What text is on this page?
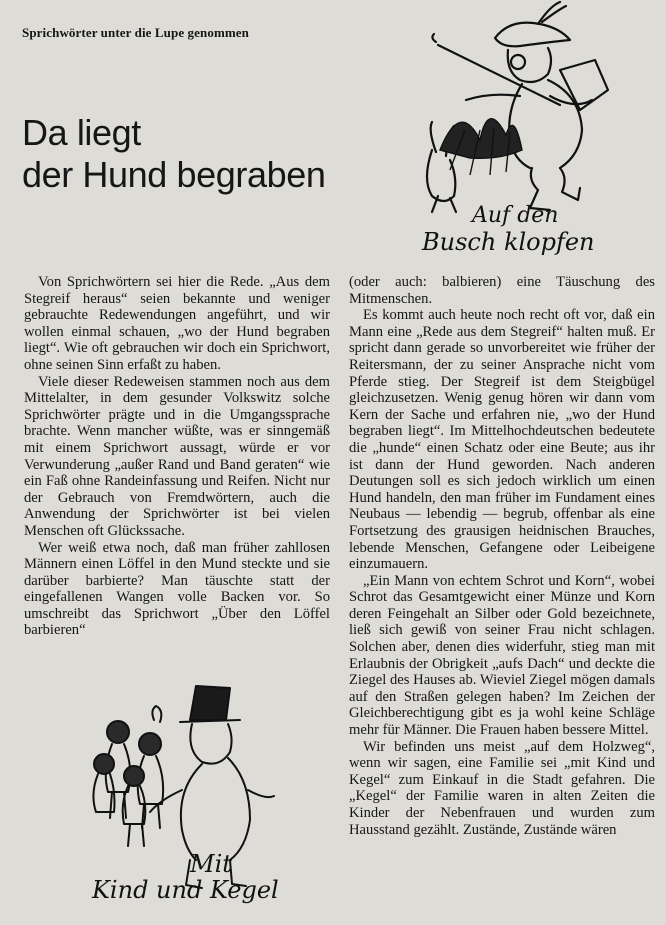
Sprichwörter unter die Lupe genommen
Da liegt
der Hund begraben
Auf den
Busch klopfen

Von Sprichwörtern sei hier die Rede. „Aus dem Stegreif heraus“ seien bekannte und weniger gebrauchte Redewendungen angeführt, und wir wollen einmal schauen, „wo der Hund begraben liegt“. Wie oft gebrauchen wir doch ein Sprichwort, ohne seinen Sinn erfaßt zu haben.

Viele dieser Redeweisen stammen noch aus dem Mittelalter, in dem gesunder Volkswitz solche Sprichwörter prägte und in die Umgangssprache brachte. Wenn mancher wüßte, was er sinngemäß mit einem Sprichwort aussagt, würde er vor Verwunderung „außer Rand und Band geraten“ wie ein Faß ohne Randeinfassung und Reifen. Nicht nur der Gebrauch von Fremdwörtern, auch die Anwendung der Sprichwörter ist bei vielen Menschen oft Glückssache.

Wer weiß etwa noch, daß man früher zahllosen Männern einen Löffel in den Mund steckte und sie darüber barbierte? Man täuschte statt der eingefallenen Wangen volle Backen vor. So umschreibt das Sprichwort „Über den Löffel barbieren“

(oder auch: balbieren) eine Täuschung des Mitmenschen.

Es kommt auch heute noch recht oft vor, daß ein Mann eine „Rede aus dem Stegreif“ halten muß. Er spricht dann gerade so unvorbereitet wie früher der Reitersmann, der zu seiner Ansprache nicht vom Pferde stieg. Der Stegreif ist dem Steigbügel gleichzusetzen. Wenig genug hören wir dann vom Kern der Sache und erfahren nie, „wo der Hund begraben liegt“. Im Mittelhochdeutschen bedeutete die „hunde“ einen Schatz oder eine Beute; aus ihr ist dann der Hund geworden. Nach anderen Deutungen soll es sich jedoch wirklich um einen Hund handeln, den man früher im Fundament eines Neubaus — lebendig — begrub, offenbar als eine Fortsetzung des grausigen heidnischen Brauches, lebende Menschen, Gefangene oder Leibeigene einzumauern.

„Ein Mann von echtem Schrot und Korn“, wobei Schrot das Gesamtgewicht einer Münze und Korn deren Feingehalt an Silber oder Gold bezeichnete, ließ sich gewiß von seiner Frau nicht schlagen. Solchen aber, denen dies widerfuhr, stieg man mit Erlaubnis der Obrigkeit „aufs Dach“ und deckte die Ziegel des Hauses ab. Wieviel Ziegel mögen damals auf den Straßen gelegen haben? Im Zeichen der Gleichberechtigung gibt es ja wohl keine Schläge mehr für Männer. Die Frauen haben bessere Mittel.

Wir befinden uns meist „auf dem Holzweg“, wenn wir sagen, eine Familie sei „mit Kind und Kegel“ zum Einkauf in die Stadt gefahren. Die „Kegel“ der Familie waren in alten Zeiten die Kinder der Nebenfrauen und wurden zum Hausstand gezählt. Zustände, Zustände wären

Mit
Kind und Kegel
